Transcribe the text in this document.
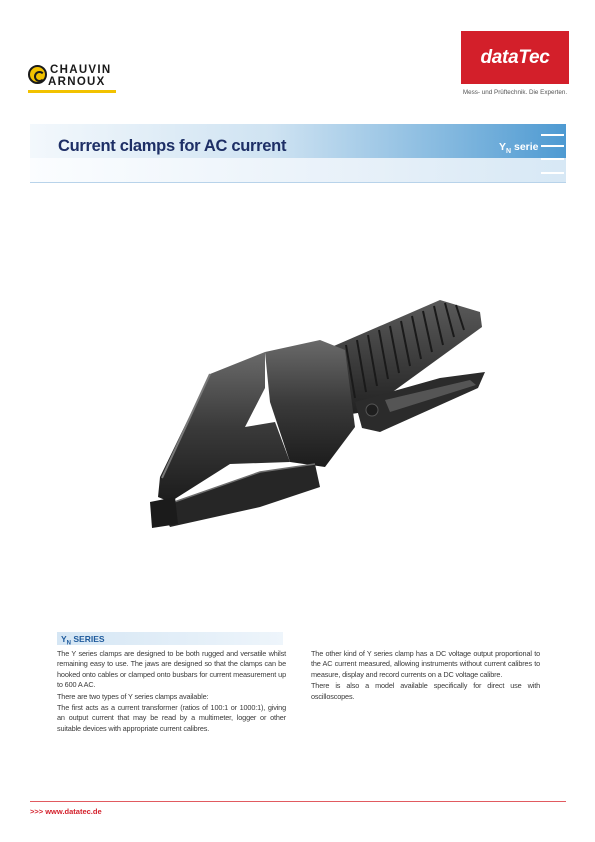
CHAUVIN
ARNOUX
dataTec
Mess- und Prüftechnik. Die Experten.
Current clamps for AC current	$Y_N$ serie
$Y_N$ SERIES

The Y series clamps are designed to be both rugged and versatile whilst remaining easy to use. The jaws are designed so that the clamps can be hooked onto cables or clamped onto busbars for current measurement up to 600 A AC.

There are two types of Y series clamps available:

The first acts as a current transformer (ratios of 100:1 or 1000:1), giving an output current that may be read by a multimeter, logger or other suitable devices with appropriate current calibres.

The other kind of Y series clamp has a DC voltage output proportional to the AC current measured, allowing instruments without current calibres to measure, display and record currents on a DC voltage calibre.

There is also a model available specifically for direct use with oscilloscopes.

>>> www.datatec.de
